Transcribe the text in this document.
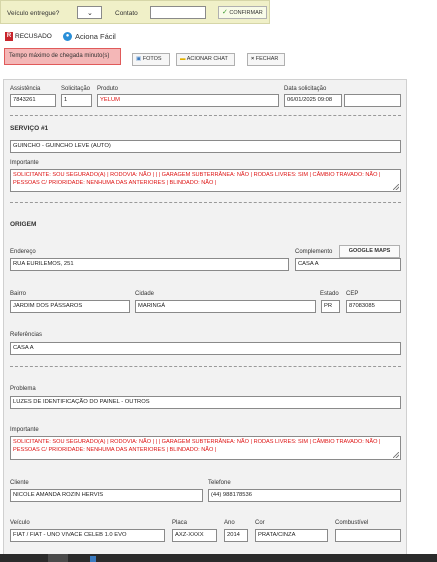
Veículo entregue?	⌄	Contato	✓ CONFIRMAR
R RECUSADO	● Aciona Fácil
Tempo máximo de chegada minuto(s)	▣ FOTOS	▬ ACIONAR CHAT	× FECHAR
Assistência
7843261
Solicitação
1
Produto
YELUM
Data solicitação
06/01/2025 09:08
SERVIÇO #1
GUINCHO - GUINCHO LEVE (AUTO)
Importante
SOLICITANTE: SOU SEGURADO(A) | RODOVIA: NÃO | | | GARAGEM SUBTERRÂNEA: NÃO | RODAS LIVRES: SIM | CÂMBIO TRAVADO: NÃO | PESSOAS C/ PRIORIDADE: NENHUMA DAS ANTERIORES | BLINDADO: NÃO |
ORIGEM
GOOGLE MAPS
Endereço
RUA EURILEMOS, 251
Complemento
CASA A
Bairro
JARDIM DOS PÁSSAROS
Cidade
MARINGÁ
Estado
PR
CEP
87083085
Referências
CASA A
Problema
LUZES DE IDENTIFICAÇÃO DO PAINEL - OUTROS
Importante
SOLICITANTE: SOU SEGURADO(A) | RODOVIA: NÃO | | | GARAGEM SUBTERRÂNEA: NÃO | RODAS LIVRES: SIM | CÂMBIO TRAVADO: NÃO | PESSOAS C/ PRIORIDADE: NENHUMA DAS ANTERIORES | BLINDADO: NÃO |
Cliente
NICOLE AMANDA ROZIN HERVIS
Telefone
(44) 988178536
Veículo
FIAT / FIAT - UNO VIVACE CELEB 1.0 EVO
Placa
AXZ-XXXX
Ano
2014
Cor
PRATA/CINZA
Combustível
